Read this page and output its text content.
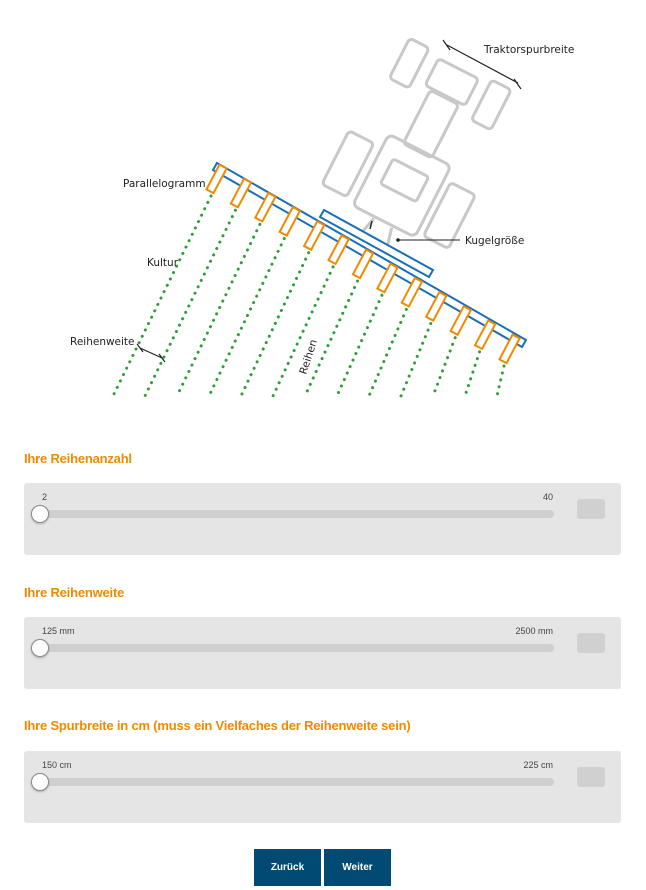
Traktorspurbreite
Kugelgröße
Parallelogramm
Kultur
Reihenweite	Reihen
Ihre Reihenanzahl
2	40
Ihre Reihenweite
125 mm	2500 mm
Ihre Spurbreite in cm (muss ein Vielfaches der Reihenweite sein)
150 cm	225 cm
Zurück	Weiter
